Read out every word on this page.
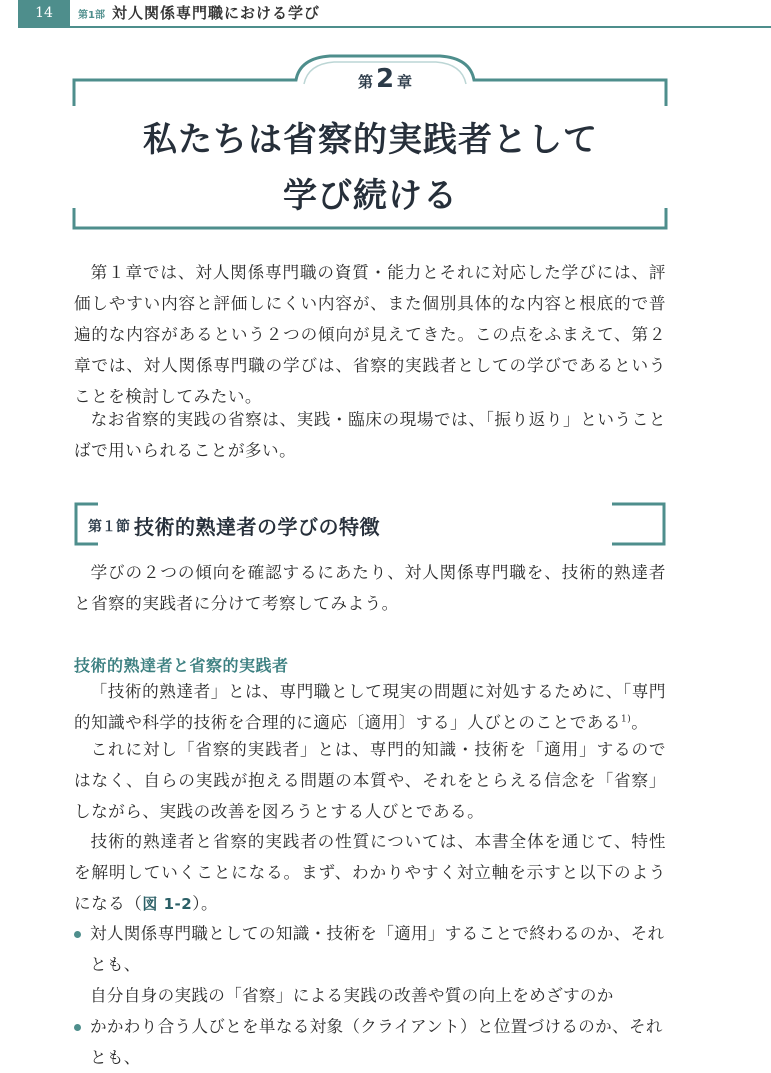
14	第1部 対人関係専門職における学び
第 2 章
私たちは省察的実践者として
学び続ける

第１章では、対人関係専門職の資質・能力とそれに対応した学びには、評価しやすい内容と評価しにくい内容が、また個別具体的な内容と根底的で普遍的な内容があるという２つの傾向が見えてきた。この点をふまえて、第２章では、対人関係専門職の学びは、省察的実践者としての学びであるということを検討してみたい。

なお省察的実践の省察は、実践・臨床の現場では、「振り返り」ということばで用いられることが多い。

第１節 技術的熟達者の学びの特徴

学びの２つの傾向を確認するにあたり、対人関係専門職を、技術的熟達者と省察的実践者に分けて考察してみよう。

技術的熟達者と省察的実践者

「技術的熟達者」とは、専門職として現実の問題に対処するために、「専門的知識や科学的技術を合理的に適応〔適用〕する」人びとのことである$^{1)}$。

これに対し「省察的実践者」とは、専門的知識・技術を「適用」するのではなく、自らの実践が抱える問題の本質や、それをとらえる信念を「省察」しながら、実践の改善を図ろうとする人びとである。

技術的熟達者と省察的実践者の性質については、本書全体を通じて、特性を解明していくことになる。まず、わかりやすく対立軸を示すと以下のようになる（図 1-2）。

対人関係専門職としての知識・技術を「適用」することで終わるのか、それとも、
自分自身の実践の「省察」による実践の改善や質の向上をめざすのか
かかわり合う人びとを単なる対象（クライアント）と位置づけるのか、それとも、
